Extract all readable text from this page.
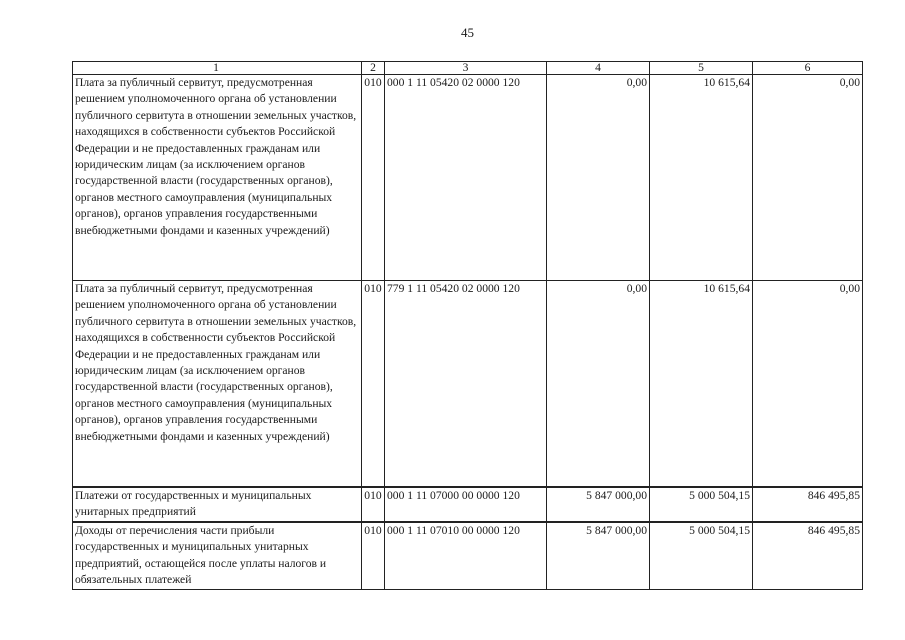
45
1	2	3	4	5	6
Плата за публичный сервитут, предусмотренная решением уполномоченного органа об установлении публичного сервитута в отношении земельных участков, находящихся в собственности субъектов Российской Федерации и не предоставленных гражданам или юридическим лицам (за исключением органов государственной власти (государственных органов), органов местного самоуправления (муниципальных органов), органов управления государственными внебюджетными фондами и казенных учреждений)	010	000 1 11 05420 02 0000 120	0,00	10 615,64	0,00
Плата за публичный сервитут, предусмотренная решением уполномоченного органа об установлении публичного сервитута в отношении земельных участков, находящихся в собственности субъектов Российской Федерации и не предоставленных гражданам или юридическим лицам (за исключением органов государственной власти (государственных органов), органов местного самоуправления (муниципальных органов), органов управления государственными внебюджетными фондами и казенных учреждений)	010	779 1 11 05420 02 0000 120	0,00	10 615,64	0,00
Платежи от государственных и муниципальных унитарных предприятий	010	000 1 11 07000 00 0000 120	5 847 000,00	5 000 504,15	846 495,85
Доходы от перечисления части прибыли государственных и муниципальных унитарных предприятий, остающейся после уплаты налогов и обязательных платежей	010	000 1 11 07010 00 0000 120	5 847 000,00	5 000 504,15	846 495,85
